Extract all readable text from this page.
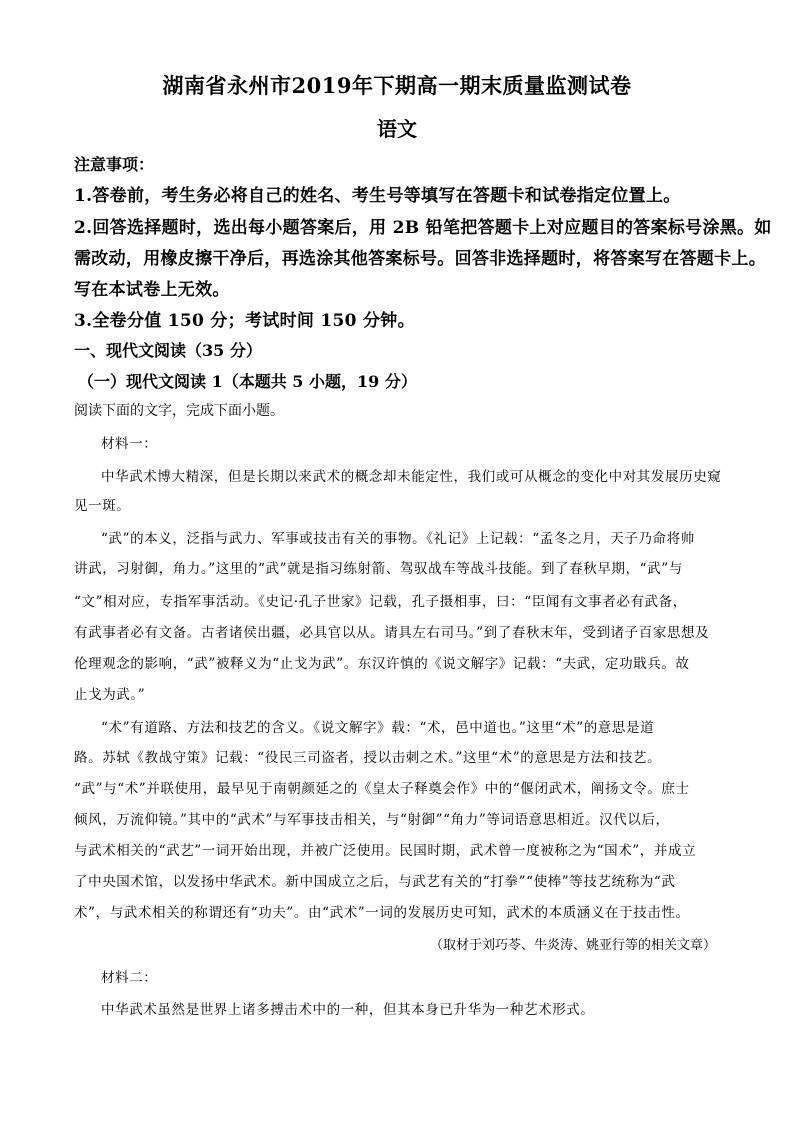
湖南省永州市2019年下期高一期末质量监测试卷
语文
注意事项：
1.答卷前，考生务必将自己的姓名、考生号等填写在答题卡和试卷指定位置上。
2.回答选择题时，选出每小题答案后，用 2B 铅笔把答题卡上对应题目的答案标号涂黑。如
需改动，用橡皮擦干净后，再选涂其他答案标号。回答非选择题时，将答案写在答题卡上。
写在本试卷上无效。
3.全卷分值 150 分；考试时间 150 分钟。
一、现代文阅读（35 分）
（一）现代文阅读 1（本题共 5 小题，19 分）
阅读下面的文字，完成下面小题。
材料一：
中华武术博大精深，但是长期以来武术的概念却未能定性，我们或可从概念的变化中对其发展历史窥
见一斑。
“武”的本义，泛指与武力、军事或技击有关的事物。《礼记》上记载：“孟冬之月，天子乃命将帅
讲武，习射御，角力。”这里的“武”就是指习练射箭、驾驭战车等战斗技能。到了春秋早期，“武”与
“文”相对应，专指军事活动。《史记·孔子世家》记载，孔子摄相事，曰：“臣闻有文事者必有武备，
有武事者必有文备。古者诸侯出疆，必具官以从。请具左右司马。”到了春秋末年，受到诸子百家思想及
伦理观念的影响，“武”被释义为“止戈为武”。东汉许慎的《说文解字》记载：“夫武，定功戢兵。故
止戈为武。”
“术”有道路、方法和技艺的含义。《说文解字》载：“术，邑中道也。”这里“术”的意思是道
路。苏轼《教战守策》记载：“役民三司盗者，授以击刺之术。”这里“术”的意思是方法和技艺。
“武”与“术”并联使用，最早见于南朝颜延之的《皇太子释奠会作》中的“偃闭武术，阐扬文令。庶士
倾风，万流仰镜。”其中的“武术”与军事技击相关，与“射御”“角力”等词语意思相近。汉代以后，
与武术相关的“武艺”一词开始出现，并被广泛使用。民国时期，武术曾一度被称之为“国术”，并成立
了中央国术馆，以发扬中华武术。新中国成立之后，与武艺有关的“打拳”“使棒”等技艺统称为“武
术”，与武术相关的称谓还有“功夫”。由“武术”一词的发展历史可知，武术的本质涵义在于技击性。
（取材于刘巧苓、牛炎涛、姚亚行等的相关文章）
材料二：
中华武术虽然是世界上诸多搏击术中的一种，但其本身已升华为一种艺术形式。
